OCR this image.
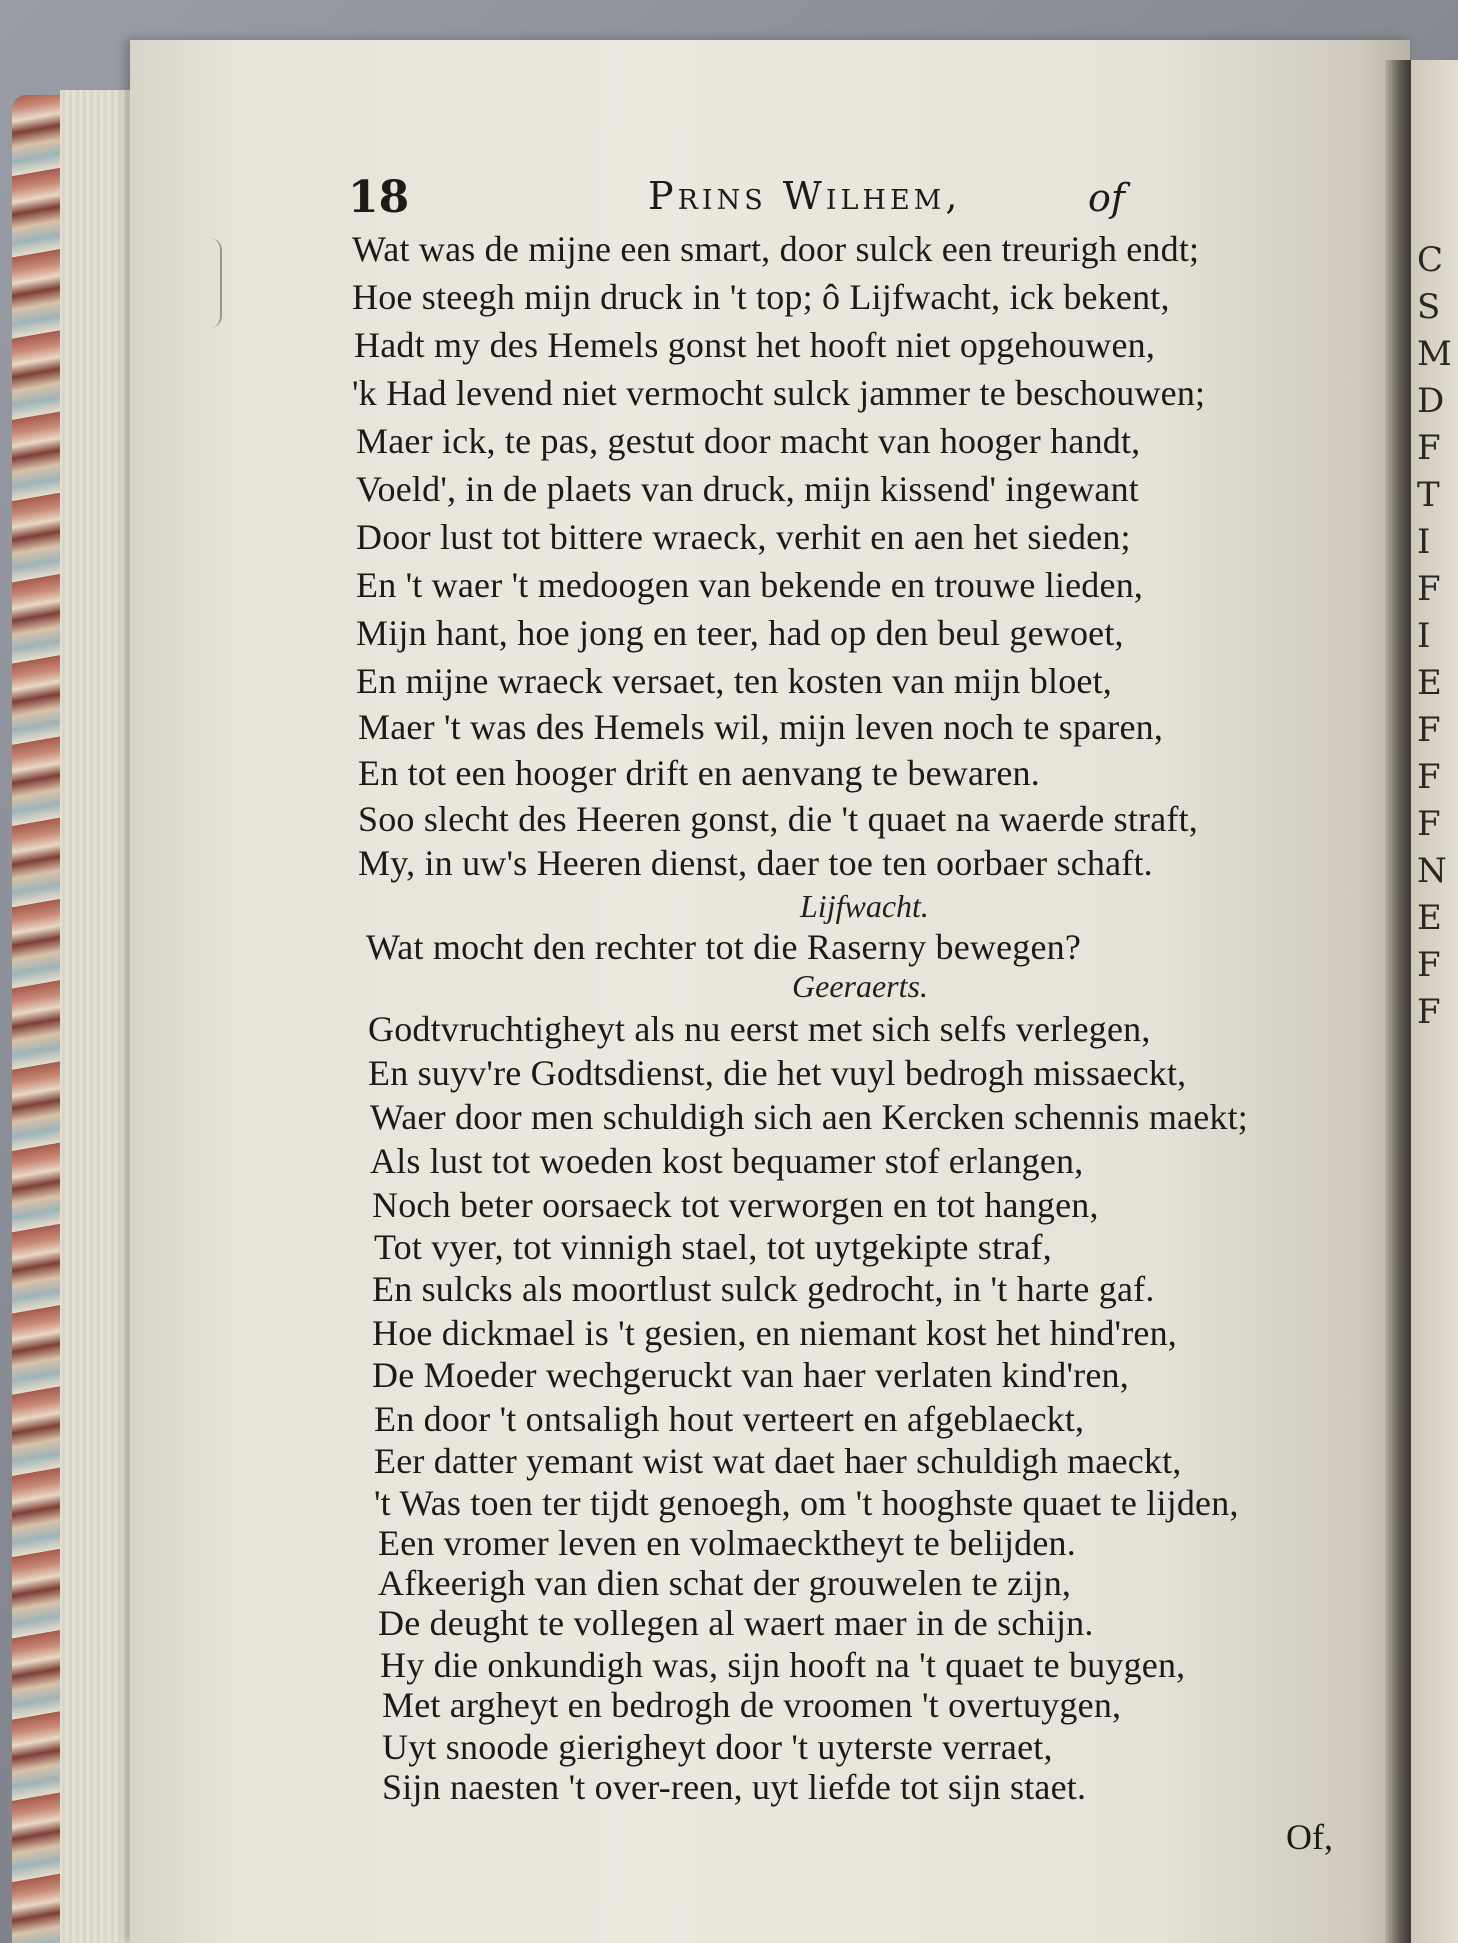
C
S
M
D
F
T
I
F
I
E
F
F
F
N
E
F
F
18	Prins Wilhem,	of
Wat was de mijne een smart, door sulck een treurigh endt;
Hoe steegh mijn druck in 't top; ô Lijfwacht, ick bekent,
Hadt my des Hemels gonst het hooft niet opgehouwen,
'k Had levend niet vermocht sulck jammer te beschouwen;
Maer ick, te pas, gestut door macht van hooger handt,
Voeld', in de plaets van druck, mijn kissend' ingewant
Door lust tot bittere wraeck, verhit en aen het sieden;
En 't waer 't medoogen van bekende en trouwe lieden,
Mijn hant, hoe jong en teer, had op den beul gewoet,
En mijne wraeck versaet, ten kosten van mijn bloet,
Maer 't was des Hemels wil, mijn leven noch te sparen,
En tot een hooger drift en aenvang te bewaren.
Soo slecht des Heeren gonst, die 't quaet na waerde straft,
My, in uw's Heeren dienst, daer toe ten oorbaer schaft.
Lijfwacht.
Wat mocht den rechter tot die Raserny bewegen?
Geeraerts.
Godtvruchtigheyt als nu eerst met sich selfs verlegen,
En suyv're Godtsdienst, die het vuyl bedrogh missaeckt,
Waer door men schuldigh sich aen Kercken schennis maekt;
Als lust tot woeden kost bequamer stof erlangen,
Noch beter oorsaeck tot verworgen en tot hangen,
Tot vyer, tot vinnigh stael, tot uytgekipte straf,
En sulcks als moortlust sulck gedrocht, in 't harte gaf.
Hoe dickmael is 't gesien, en niemant kost het hind'ren,
De Moeder wechgeruckt van haer verlaten kind'ren,
En door 't ontsaligh hout verteert en afgeblaeckt,
Eer datter yemant wist wat daet haer schuldigh maeckt,
't Was toen ter tijdt genoegh, om 't hooghste quaet te lijden,
Een vromer leven en volmaecktheyt te belijden.
Afkeerigh van dien schat der grouwelen te zijn,
De deught te vollegen al waert maer in de schijn.
Hy die onkundigh was, sijn hooft na 't quaet te buygen,
Met argheyt en bedrogh de vroomen 't overtuygen,
Uyt snoode gierigheyt door 't uyterste verraet,
Sijn naesten 't over-reen, uyt liefde tot sijn staet.
Of,
